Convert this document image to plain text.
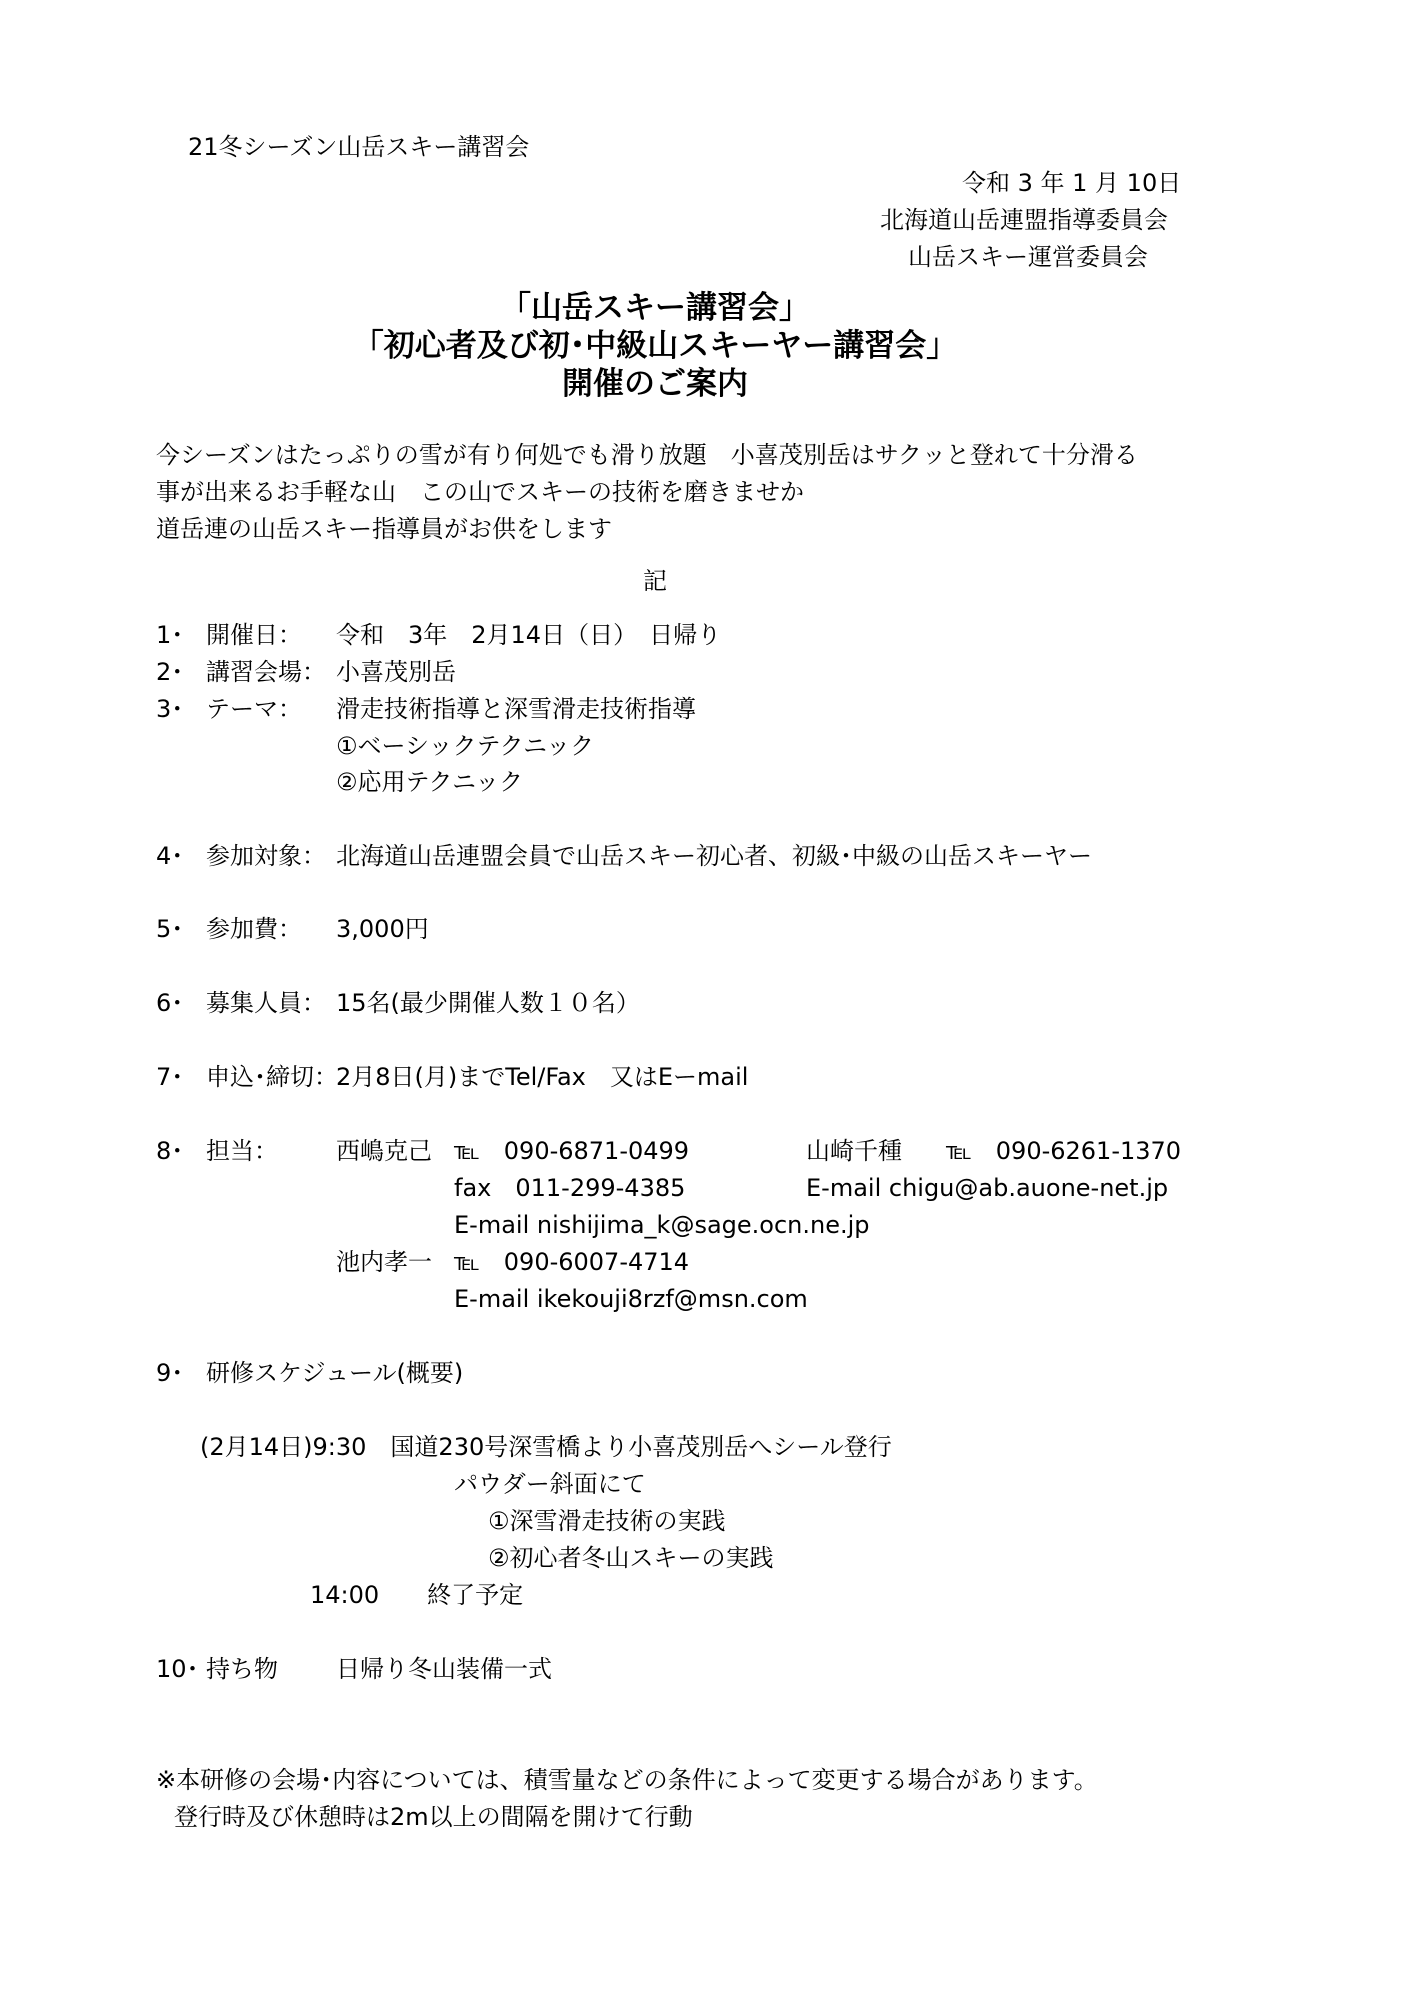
21冬シーズン山岳スキー講習会
令和 3 年 1 月 10日
北海道山岳連盟指導委員会
山岳スキー運営委員会
「山岳スキー講習会」
「初心者及び初･中級山スキーヤー講習会」
開催のご案内
今シーズンはたっぷりの雪が有り何処でも滑り放題　小喜茂別岳はサクッと登れて十分滑る
事が出来るお手軽な山　この山でスキーの技術を磨きませか
道岳連の山岳スキー指導員がお供をします
記
1･ 開催日： 令和　3年　2月14日（日）　日帰り
2･ 講習会場： 小喜茂別岳
3･ テーマ： 滑走技術指導と深雪滑走技術指導
①ベーシックテクニック
②応用テクニック
4･ 参加対象： 北海道山岳連盟会員で山岳スキー初心者、初級･中級の山岳スキーヤー
5･ 参加費： 3,000円
6･ 募集人員： 15名(最少開催人数１０名）
7･ 申込･締切：
2月8日(月)までTel/Fax　又はEーmail
8･ 担当： 西嶋克己 ℡　090-6871-0499
fax　011-299-4385
E-mail nishijima_k@sage.ocn.ne.jp
山崎千種 ℡　090-6261-1370
E-mail chigu@ab.auone-net.jp
池内孝一 ℡　090-6007-4714
E-mail ikekouji8rzf@msn.com
9･ 研修スケジュール(概要)
(2月14日)9:30　国道230号深雪橋より小喜茂別岳へシール登行
パウダー斜面にて
①深雪滑走技術の実践
②初心者冬山スキーの実践
14:00　　終了予定
10･ 持ち物 日帰り冬山装備一式
※本研修の会場･内容については、積雪量などの条件によって変更する場合があります。
登行時及び休憩時は2m以上の間隔を開けて行動
